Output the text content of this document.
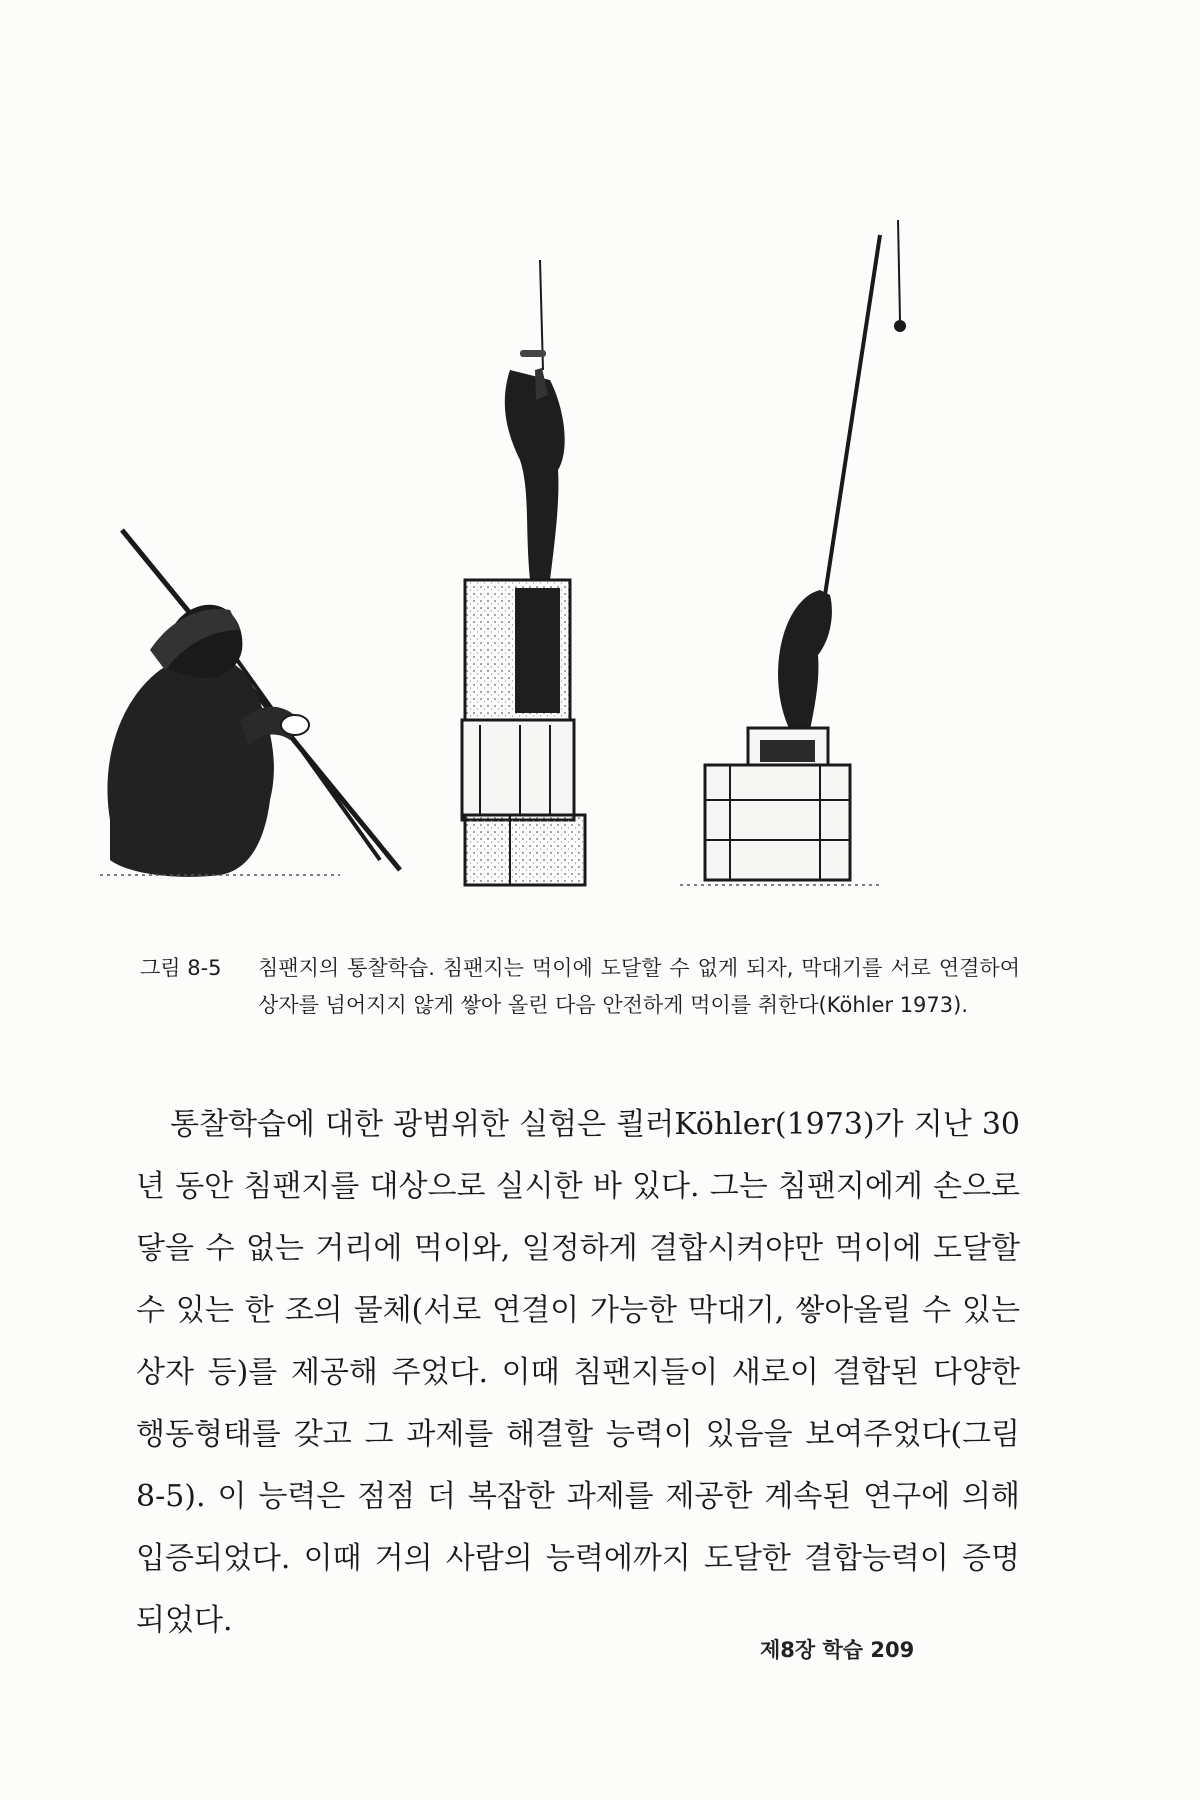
그림 8-5	침팬지의 통찰학습. 침팬지는 먹이에 도달할 수 없게 되자, 막대기를 서로 연결하여 상자를 넘어지지 않게 쌓아 올린 다음 안전하게 먹이를 취한다(Köhler 1973).

통찰학습에 대한 광범위한 실험은 쾰러Köhler(1973)가 지난 30년 동안 침팬지를 대상으로 실시한 바 있다. 그는 침팬지에게 손으로 닿을 수 없는 거리에 먹이와, 일정하게 결합시켜야만 먹이에 도달할 수 있는 한 조의 물체(서로 연결이 가능한 막대기, 쌓아올릴 수 있는 상자 등)를 제공해 주었다. 이때 침팬지들이 새로이 결합된 다양한 행동형태를 갖고 그 과제를 해결할 능력이 있음을 보여주었다(그림 8-5). 이 능력은 점점 더 복잡한 과제를 제공한 계속된 연구에 의해 입증되었다. 이때 거의 사람의 능력에까지 도달한 결합능력이 증명되었다.

제8장 학습 209
